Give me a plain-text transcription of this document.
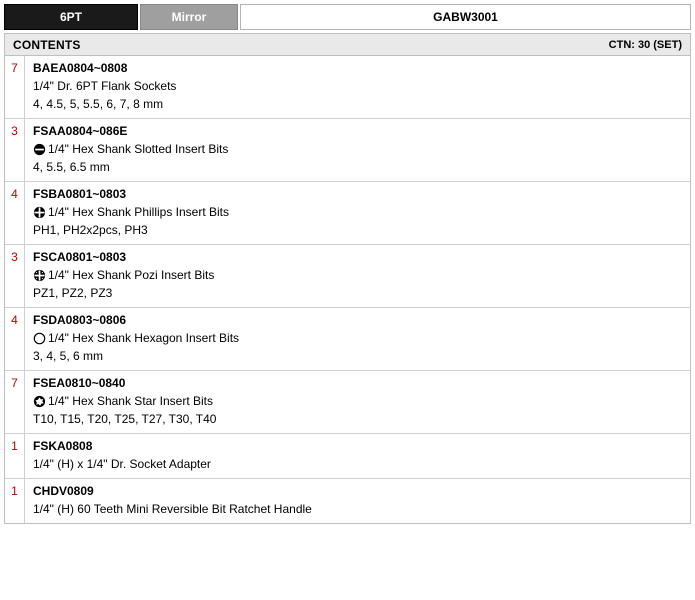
6PT	Mirror	GABW3001
CONTENTS	CTN: 30 (SET)
7	BAEA0804~0808
1/4" Dr. 6PT Flank Sockets
4, 4.5, 5, 5.5, 6, 7, 8 mm
3	FSAA0804~086E
1/4" Hex Shank Slotted Insert Bits
4, 5.5, 6.5 mm
4	FSBA0801~0803
1/4" Hex Shank Phillips Insert Bits
PH1, PH2x2pcs, PH3
3	FSCA0801~0803
1/4" Hex Shank Pozi Insert Bits
PZ1, PZ2, PZ3
4	FSDA0803~0806
1/4" Hex Shank Hexagon Insert Bits
3, 4, 5, 6 mm
7	FSEA0810~0840
1/4" Hex Shank Star Insert Bits
T10, T15, T20, T25, T27, T30, T40
1	FSKA0808
1/4" (H) x 1/4" Dr. Socket Adapter
1	CHDV0809
1/4" (H) 60 Teeth Mini Reversible Bit Ratchet Handle
